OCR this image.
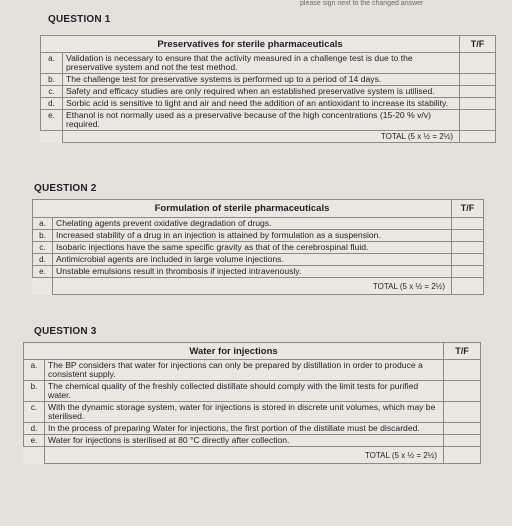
please sign next to the changed answer
QUESTION 1
Preservatives for sterile pharmaceuticals		T/F
a.	Validation is necessary to ensure that the activity measured in a challenge test is due to the preservative system and not the test method.	
b.	The challenge test for preservative systems is performed up to a period of 14 days.	
c.	Safety and efficacy studies are only required when an established preservative system is utilised.	
d.	Sorbic acid is sensitive to light and air and need the addition of an antioxidant to increase its stability.	
e.	Ethanol is not normally used as a preservative because of the high concentrations (15-20 % v/v) required.	
	TOTAL (5 x ½ = 2½)	
QUESTION 2
Formulation of sterile pharmaceuticals		T/F
a.	Chelating agents prevent oxidative degradation of drugs.	
b.	Increased stability of a drug in an injection is attained by formulation as a suspension.	
c.	Isobaric injections have the same specific gravity as that of the cerebrospinal fluid.	
d.	Antimicrobial agents are included in large volume injections.	
e.	Unstable emulsions result in thrombosis if injected intravenously.	
	TOTAL (5 x ½ = 2½)	
QUESTION 3
Water for injections		T/F
a.	The BP considers that water for injections can only be prepared by distillation in order to produce a consistent supply.	
b.	The chemical quality of the freshly collected distillate should comply with the limit tests for purified water.	
c.	With the dynamic storage system, water for injections is stored in discrete unit volumes, which may be sterilised.	
d.	In the process of preparing Water for injections, the first portion of the distillate must be discarded.	
e.	Water for injections is sterilised at 80 °C directly after collection.	
	TOTAL (5 x ½ = 2½)	
